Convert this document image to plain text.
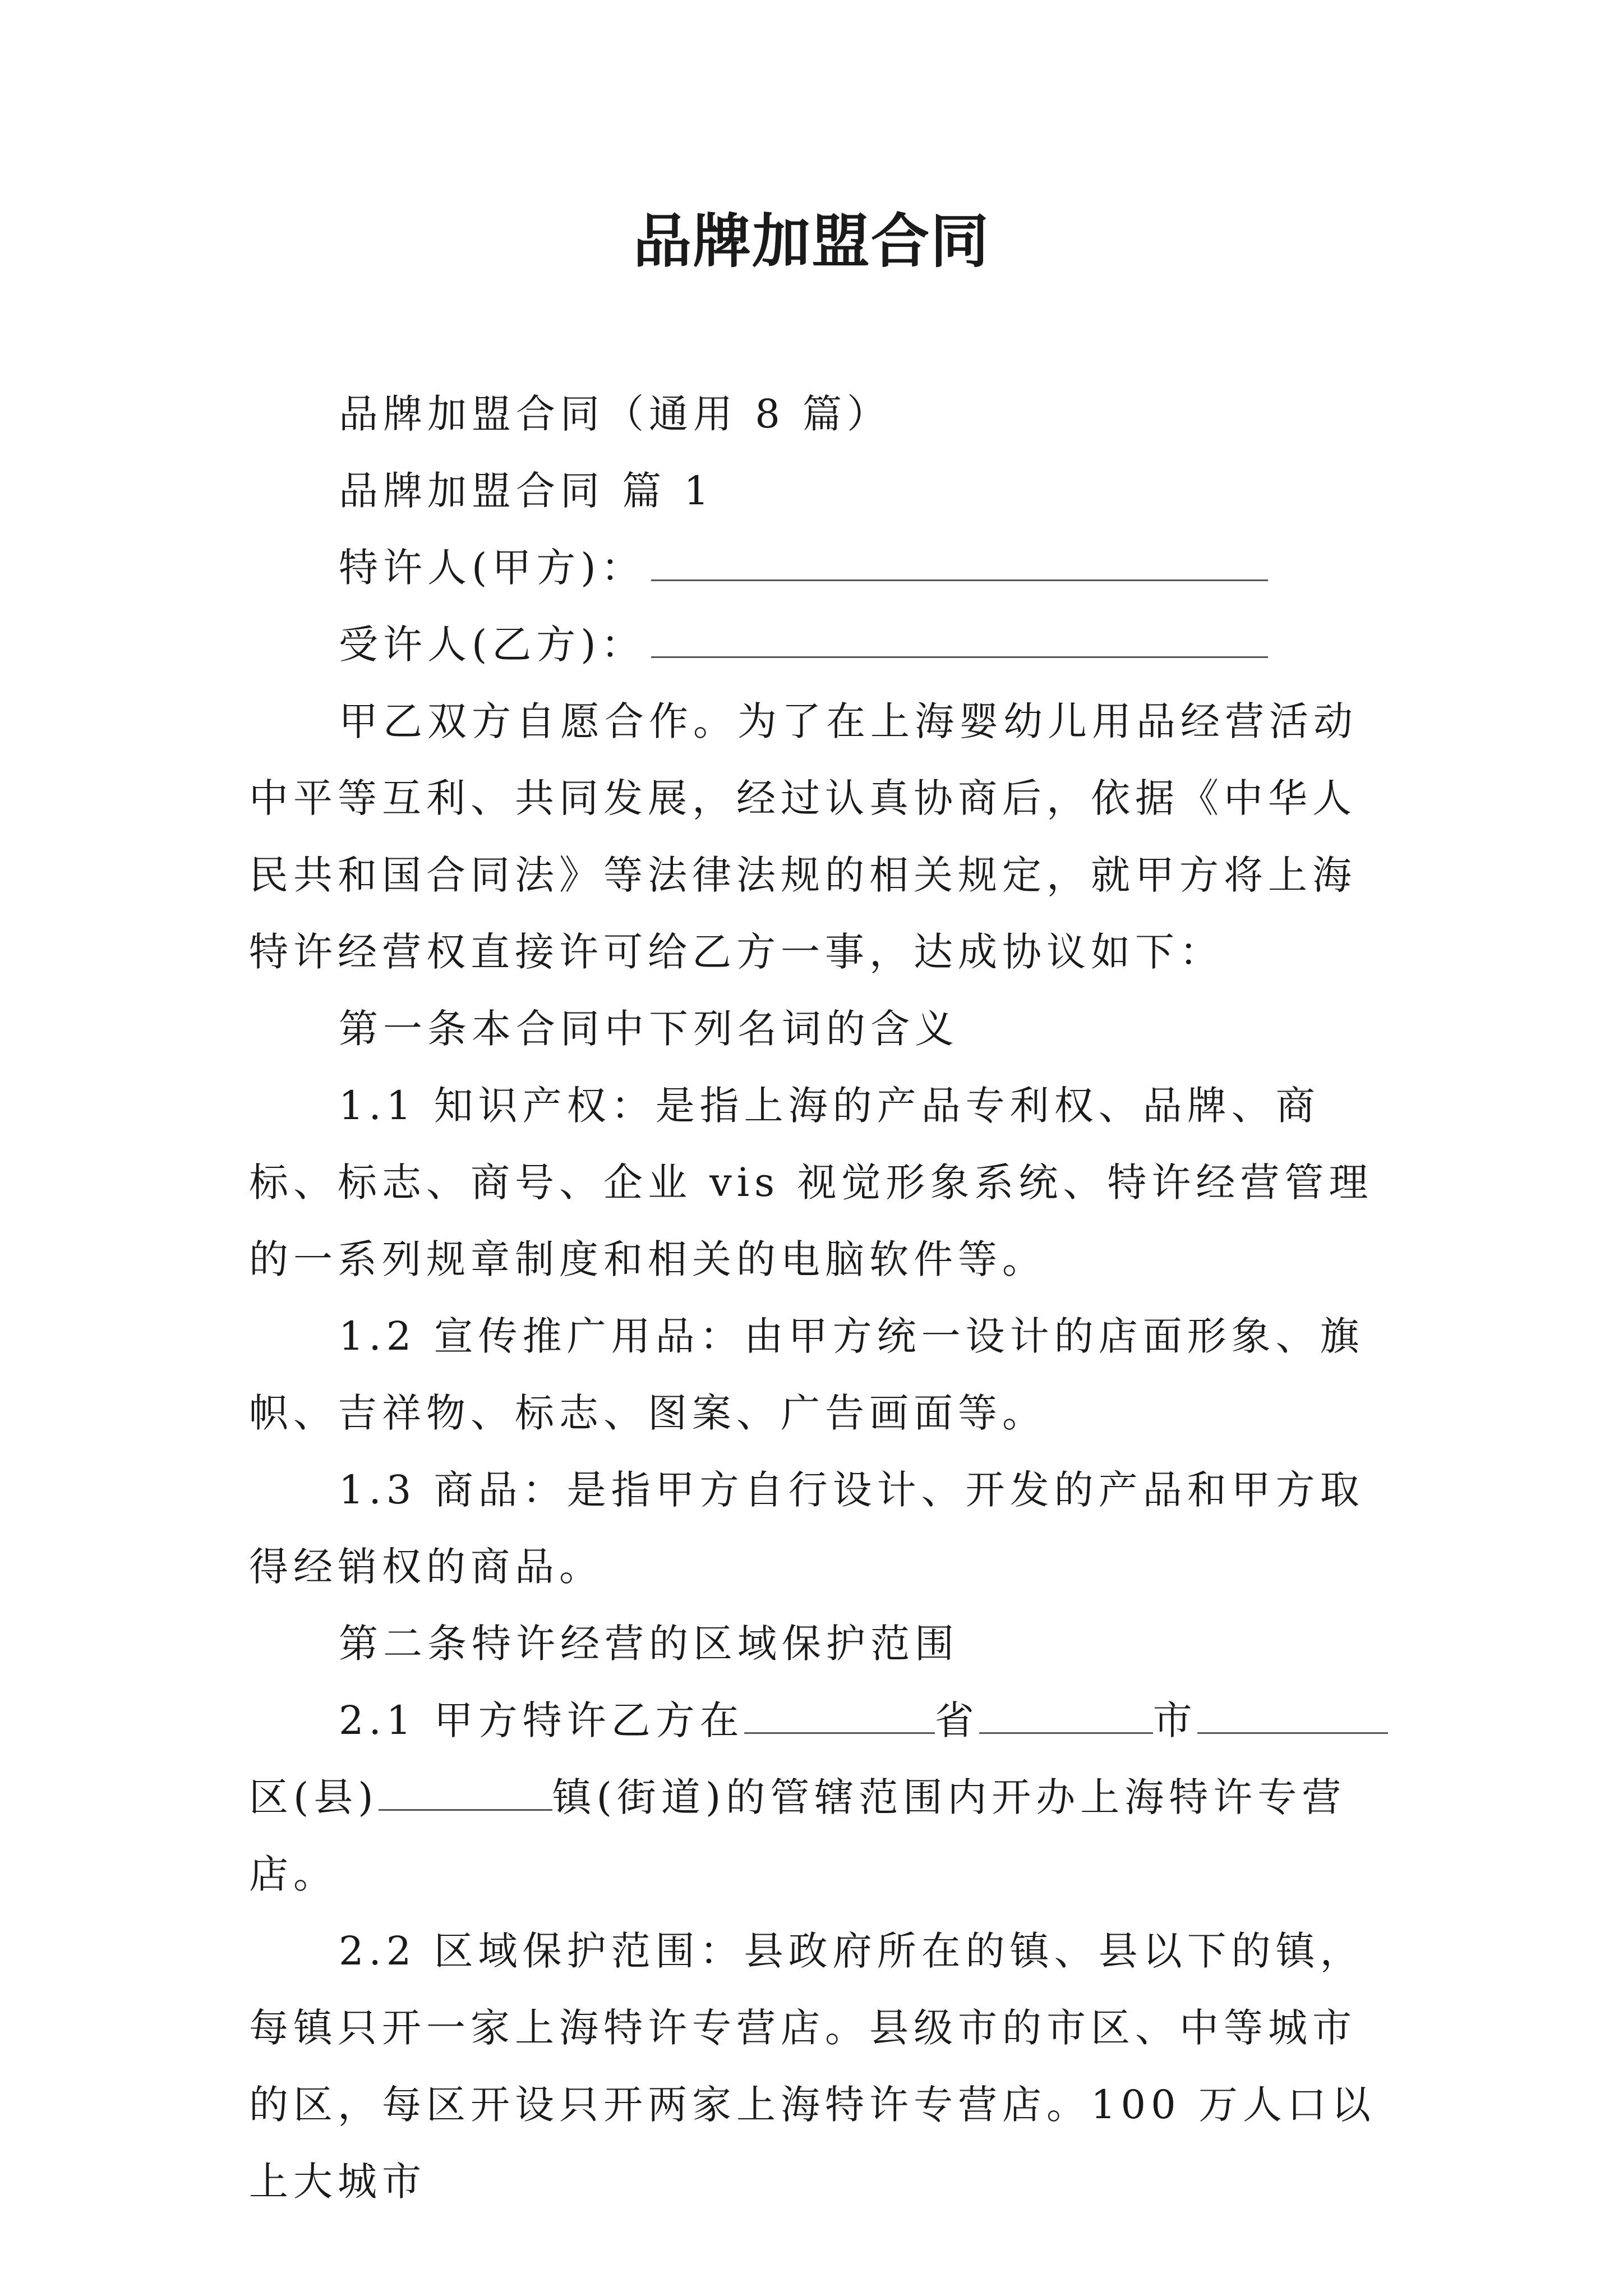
品牌加盟合同

品牌加盟合同（通用 8 篇）

品牌加盟合同 篇 1

特许人(甲方)：

受许人(乙方)：

甲乙双方自愿合作。为了在上海婴幼儿用品经营活动中平等互利、共同发展，经过认真协商后，依据《中华人民共和国合同法》等法律法规的相关规定，就甲方将上海特许经营权直接许可给乙方一事，达成协议如下：

第一条本合同中下列名词的含义

1.1 知识产权：是指上海的产品专利权、品牌、商标、标志、商号、企业 vis 视觉形象系统、特许经营管理的一系列规章制度和相关的电脑软件等。

1.2 宣传推广用品：由甲方统一设计的店面形象、旗帜、吉祥物、标志、图案、广告画面等。

1.3 商品：是指甲方自行设计、开发的产品和甲方取得经销权的商品。

第二条特许经营的区域保护范围

2.1 甲方特许乙方在	省	市区(县)	镇(街道)的管辖范围内开办上海特许专营店。

2.2 区域保护范围：县政府所在的镇、县以下的镇，每镇只开一家上海特许专营店。县级市的市区、中等城市的区，每区开设只开两家上海特许专营店。100 万人口以上大城市
